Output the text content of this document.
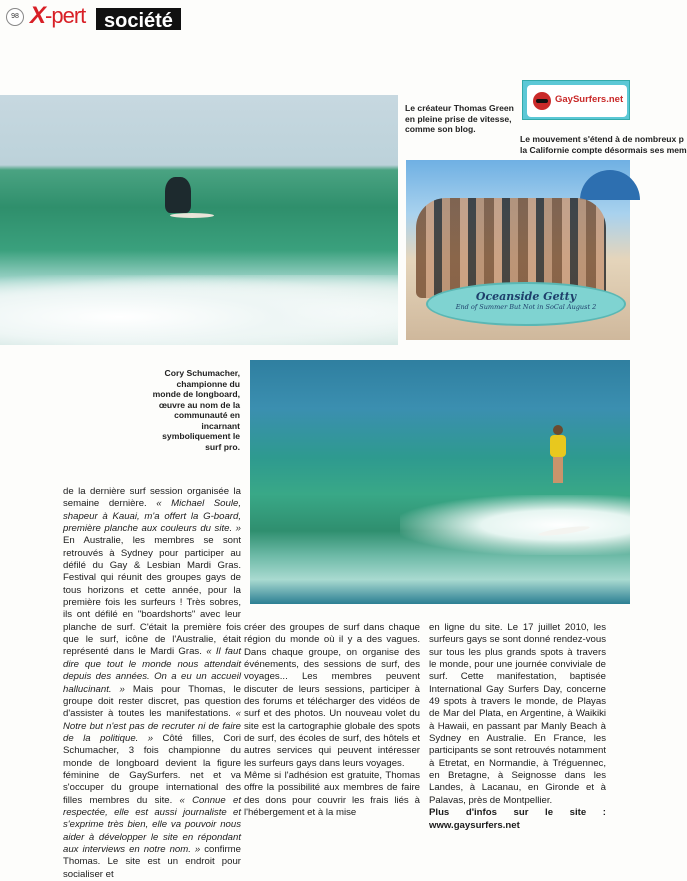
98 X-pert société
Le créateur Thomas Green en pleine prise de vitesse, comme son blog.
GaySurfers.net
Le mouvement s'étend à de nombreux p
la Californie compte désormais ses mem
Oceanside Getty
End of Summer But Not in SoCal August 2
Cory Schumacher, championne du monde de longboard, œuvre au nom de la communauté en incarnant symboliquement le surf pro.
de la dernière surf session organisée la semaine dernière. « Michael Soule, shapeur à Kauai, m'a offert la G-board, première planche aux couleurs du site. » En Australie, les membres se sont retrouvés à Sydney pour participer au défilé du Gay & Lesbian Mardi Gras. Festival qui réunit des groupes gays de tous horizons et cette année, pour la première fois les surfeurs ! Très sobres, ils ont défilé en "boardshorts" avec leur planche de surf. C'était la première fois que le surf, icône de l'Australie, était représenté dans le Mardi Gras. « Il faut dire que tout le monde nous attendait depuis des années. On a eu un accueil hallucinant. » Mais pour Thomas, le groupe doit rester discret, pas question d'assister à toutes les manifestations. « Notre but n'est pas de recruter ni de faire de la politique. » Côté filles, Cori Schumacher, 3 fois championne du monde de longboard devient la figure féminine de GaySurfers. net et va s'occuper du groupe international des filles membres du site. « Connue et respectée, elle est aussi journaliste et s'exprime très bien, elle va pouvoir nous aider à développer le site en répondant aux interviews en notre nom. » confirme Thomas. Le site est un endroit pour socialiser et
créer des groupes de surf dans chaque région du monde où il y a des vagues. Dans chaque groupe, on organise des événements, des sessions de surf, des voyages... Les membres peuvent discuter de leurs sessions, participer à des forums et télécharger des vidéos de surf et des photos. Un nouveau volet du site est la cartographie globale des spots de surf, des écoles de surf, des hôtels et autres services qui peuvent intéresser les surfeurs gays dans leurs voyages.
Même si l'adhésion est gratuite, Thomas offre la possibilité aux membres de faire des dons pour couvrir les frais liés à l'hébergement et à la mise
en ligne du site. Le 17 juillet 2010, les surfeurs gays se sont donné rendez-vous sur tous les plus grands spots à travers le monde, pour une journée conviviale de surf. Cette manifestation, baptisée International Gay Surfers Day, concerne 49 spots à travers le monde, de Playas de Mar del Plata, en Argentine, à Waikiki à Hawaii, en passant par Manly Beach à Sydney en Australie. En France, les participants se sont retrouvés notamment à Etretat, en Normandie, à Tréguennec, en Bretagne, à Seignosse dans les Landes, à Lacanau, en Gironde et à Palavas, près de Montpellier.
Plus d'infos sur le site : www.gaysurfers.net
